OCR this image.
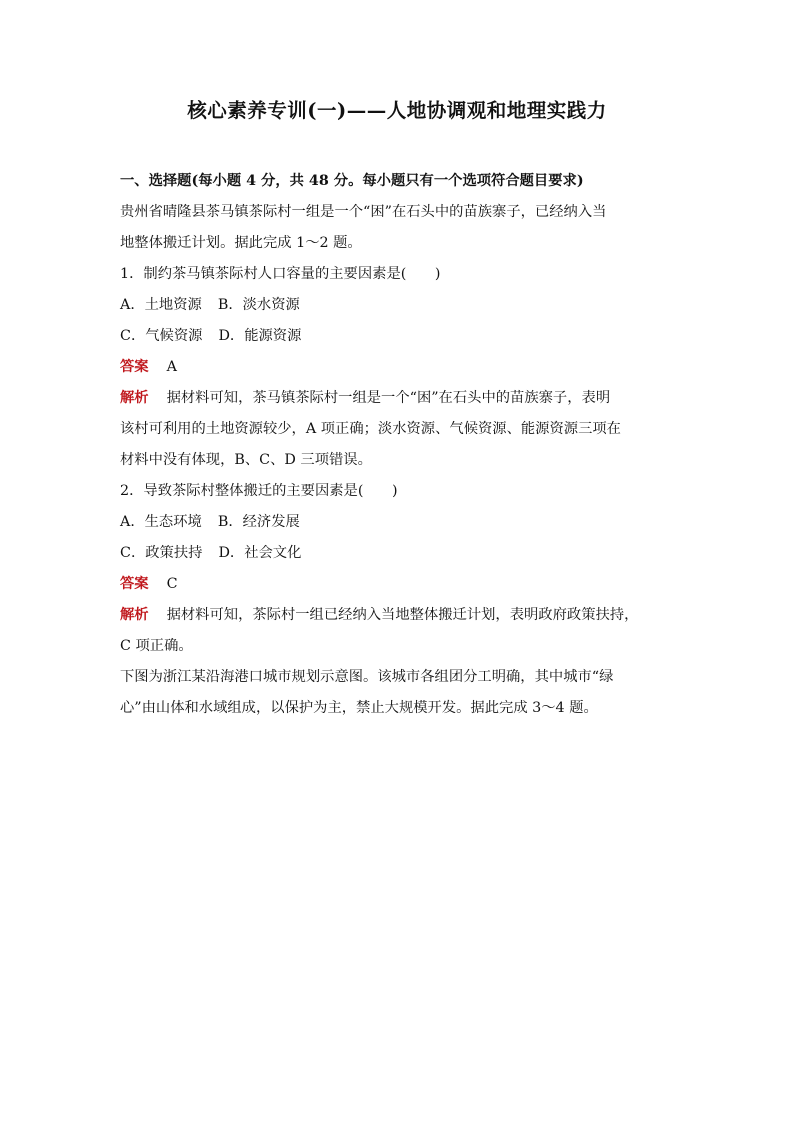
核心素养专训(一)——人地协调观和地理实践力
一、选择题(每小题 4 分，共 48 分。每小题只有一个选项符合题目要求)
贵州省晴隆县茶马镇茶际村一组是一个“困”在石头中的苗族寨子，已经纳入当
地整体搬迁计划。据此完成 1～2 题。
1．制约茶马镇茶际村人口容量的主要因素是(　　)
A．土地资源 B．淡水资源
C．气候资源 D．能源资源
答案 A
解析 据材料可知，茶马镇茶际村一组是一个“困”在石头中的苗族寨子，表明
该村可利用的土地资源较少，A 项正确；淡水资源、气候资源、能源资源三项在
材料中没有体现，B、C、D 三项错误。
2．导致茶际村整体搬迁的主要因素是(　　)
A．生态环境 B．经济发展
C．政策扶持 D．社会文化
答案 C
解析 据材料可知，茶际村一组已经纳入当地整体搬迁计划，表明政府政策扶持，
C 项正确。
下图为浙江某沿海港口城市规划示意图。该城市各组团分工明确，其中城市“绿
心”由山体和水域组成，以保护为主，禁止大规模开发。据此完成 3～4 题。
